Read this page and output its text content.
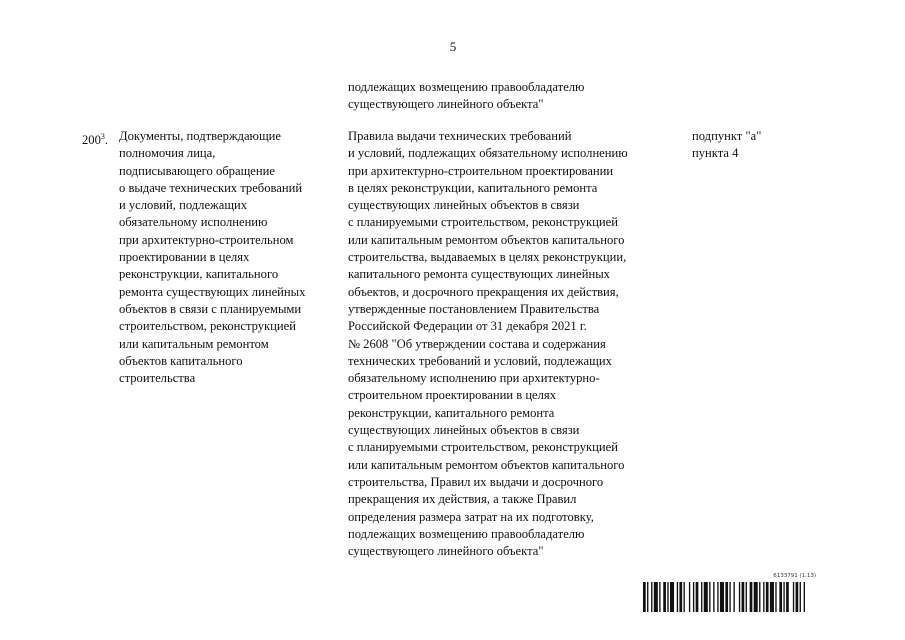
5
подлежащих возмещению правообладателю
существующего линейного объекта"
$200^3$. Документы, подтверждающие
полномочия лица,
подписывающего обращение
о выдаче технических требований
и условий, подлежащих
обязательному исполнению
при архитектурно-строительном
проектировании в целях
реконструкции, капитального
ремонта существующих линейных
объектов в связи с планируемыми
строительством, реконструкцией
или капитальным ремонтом
объектов капитального
строительства
Правила выдачи технических требований
и условий, подлежащих обязательному исполнению
при архитектурно-строительном проектировании
в целях реконструкции, капитального ремонта
существующих линейных объектов в связи
с планируемыми строительством, реконструкцией
или капитальным ремонтом объектов капитального
строительства, выдаваемых в целях реконструкции,
капитального ремонта существующих линейных
объектов, и досрочного прекращения их действия,
утвержденные постановлением Правительства
Российской Федерации от 31 декабря 2021 г.
№ 2608 "Об утверждении состава и содержания
технических требований и условий, подлежащих
обязательному исполнению при архитектурно-
строительном проектировании в целях
реконструкции, капитального ремонта
существующих линейных объектов в связи
с планируемыми строительством, реконструкцией
или капитальным ремонтом объектов капитального
строительства, Правил их выдачи и досрочного
прекращения их действия, а также Правил
определения размера затрат на их подготовку,
подлежащих возмещению правообладателю
существующего линейного объекта"
подпункт "а"
пункта 4
6133791 (1.13)
